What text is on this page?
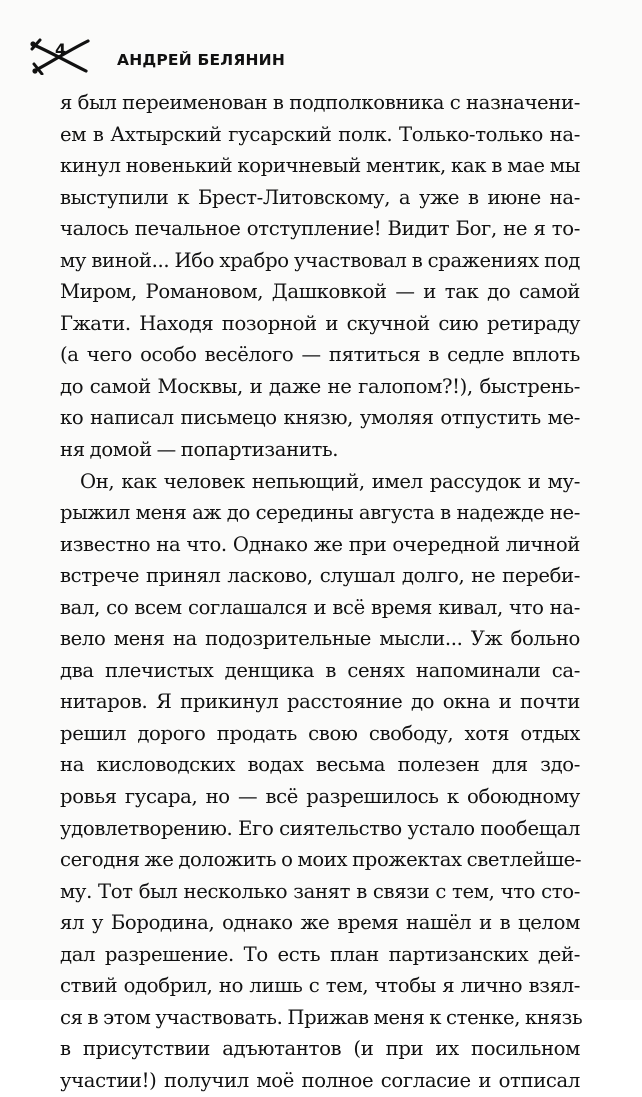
4
АНДРЕЙ БЕЛЯНИН
я был переименован в подполковника с назначени-
ем в Ахтырский гусарский полк. Только-только на-
кинул новенький коричневый ментик, как в мае мы
выступили к Брест-Литовскому, а уже в июне на-
чалось печальное отступление! Видит Бог, не я то-
му виной... Ибо храбро участвовал в сражениях под
Миром, Романовом, Дашковкой — и так до самой
Гжати. Находя позорной и скучной сию ретираду
(а чего особо весёлого — пятиться в седле вплоть
до самой Москвы, и даже не галопом?!), быстрень-
ко написал письмецо князю, умоляя отпустить ме-
ня домой — попартизанить.
Он, как человек непьющий, имел рассудок и му-
рыжил меня аж до середины августа в надежде не-
известно на что. Однако же при очередной личной
встрече принял ласково, слушал долго, не переби-
вал, со всем соглашался и всё время кивал, что на-
вело меня на подозрительные мысли... Уж больно
два плечистых денщика в сенях напоминали са-
нитаров. Я прикинул расстояние до окна и почти
решил дорого продать свою свободу, хотя отдых
на кисловодских водах весьма полезен для здо-
ровья гусара, но — всё разрешилось к обоюдному
удовлетворению. Его сиятельство устало пообещал
сегодня же доложить о моих прожектах светлейше-
му. Тот был несколько занят в связи с тем, что сто-
ял у Бородина, однако же время нашёл и в целом
дал разрешение. То есть план партизанских дей-
ствий одобрил, но лишь с тем, чтобы я лично взял-
ся в этом участвовать. Прижав меня к стенке, князь
в присутствии адъютантов (и при их посильном
участии!) получил моё полное согласие и отписал
